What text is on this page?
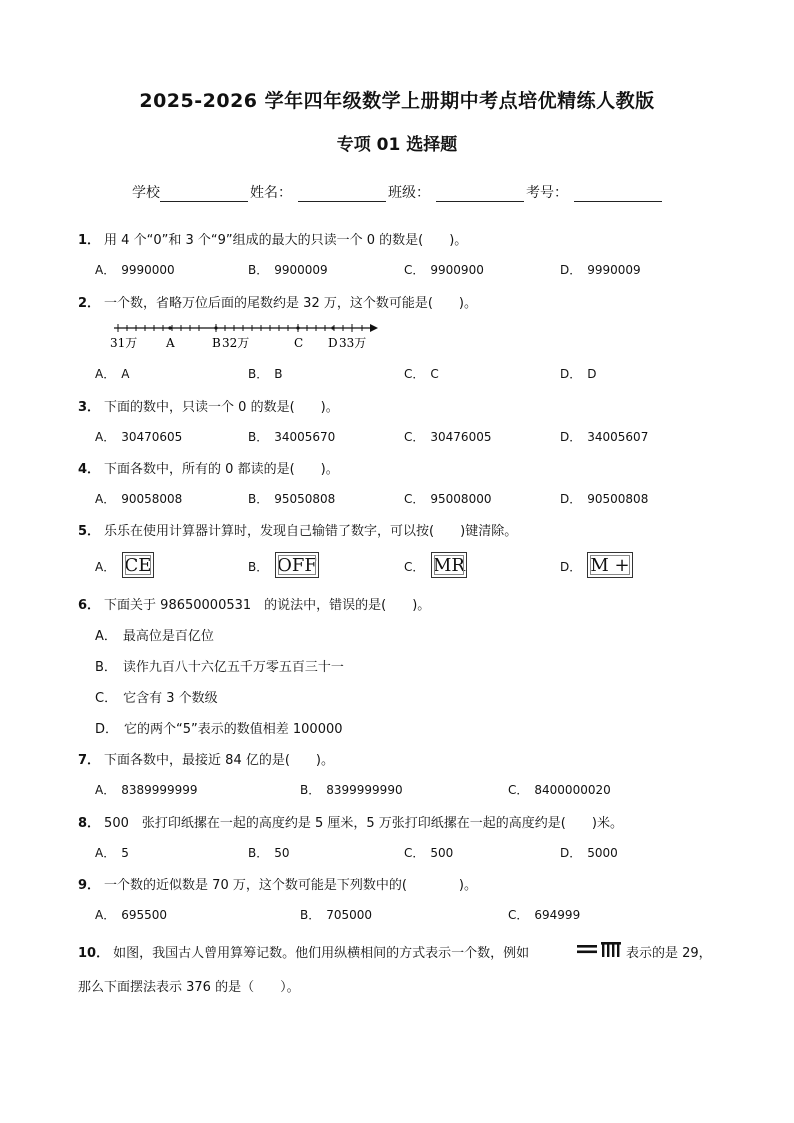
2025-2026 学年四年级数学上册期中考点培优精练人教版
专项 01 选择题
学校	姓名：	班级：	考号：
1． 用 4 个“0”和 3 个“9”组成的最大的只读一个 0 的数是(　　)。
A． 9990000	B． 9900009	C． 9900900	D． 9990009
2． 一个数，省略万位后面的尾数约是 32 万，这个数可能是(　　)。
31万 A	B 32万	C D 33万
A． A	B． B	C． C	D． D
3． 下面的数中，只读一个 0 的数是(　　)。
A． 30470605	B． 34005670	C． 30476005	D． 34005607
4． 下面各数中，所有的 0 都读的是(　　)。
A． 90058008	B． 95050808	C． 95008000	D． 90500808
5． 乐乐在使用计算器计算时，发现自己输错了数字，可以按(　　)键清除。
A． CE	B． OFF	C． MR	D． M +
6． 下面关于 98650000531　的说法中，错误的是(　　)。
A． 最高位是百亿位
B． 读作九百八十六亿五千万零五百三十一
C． 它含有 3 个数级
D． 它的两个“5”表示的数值相差 100000
7． 下面各数中，最接近 84 亿的是(　　)。
A． 8389999999	B． 8399999990	C． 8400000020
8． 500　张打印纸摞在一起的高度约是 5 厘米，5 万张打印纸摞在一起的高度约是(　　)米。
A． 5	B． 50	C． 500	D． 5000
9． 一个数的近似数是 70 万，这个数可能是下列数中的(　　　　)。
A． 695500	B． 705000	C． 694999
10． 如图，我国古人曾用算筹记数。他们用纵横相间的方式表示一个数，例如	表示的是 29，
那么下面摆法表示 376 的是（　　）。
